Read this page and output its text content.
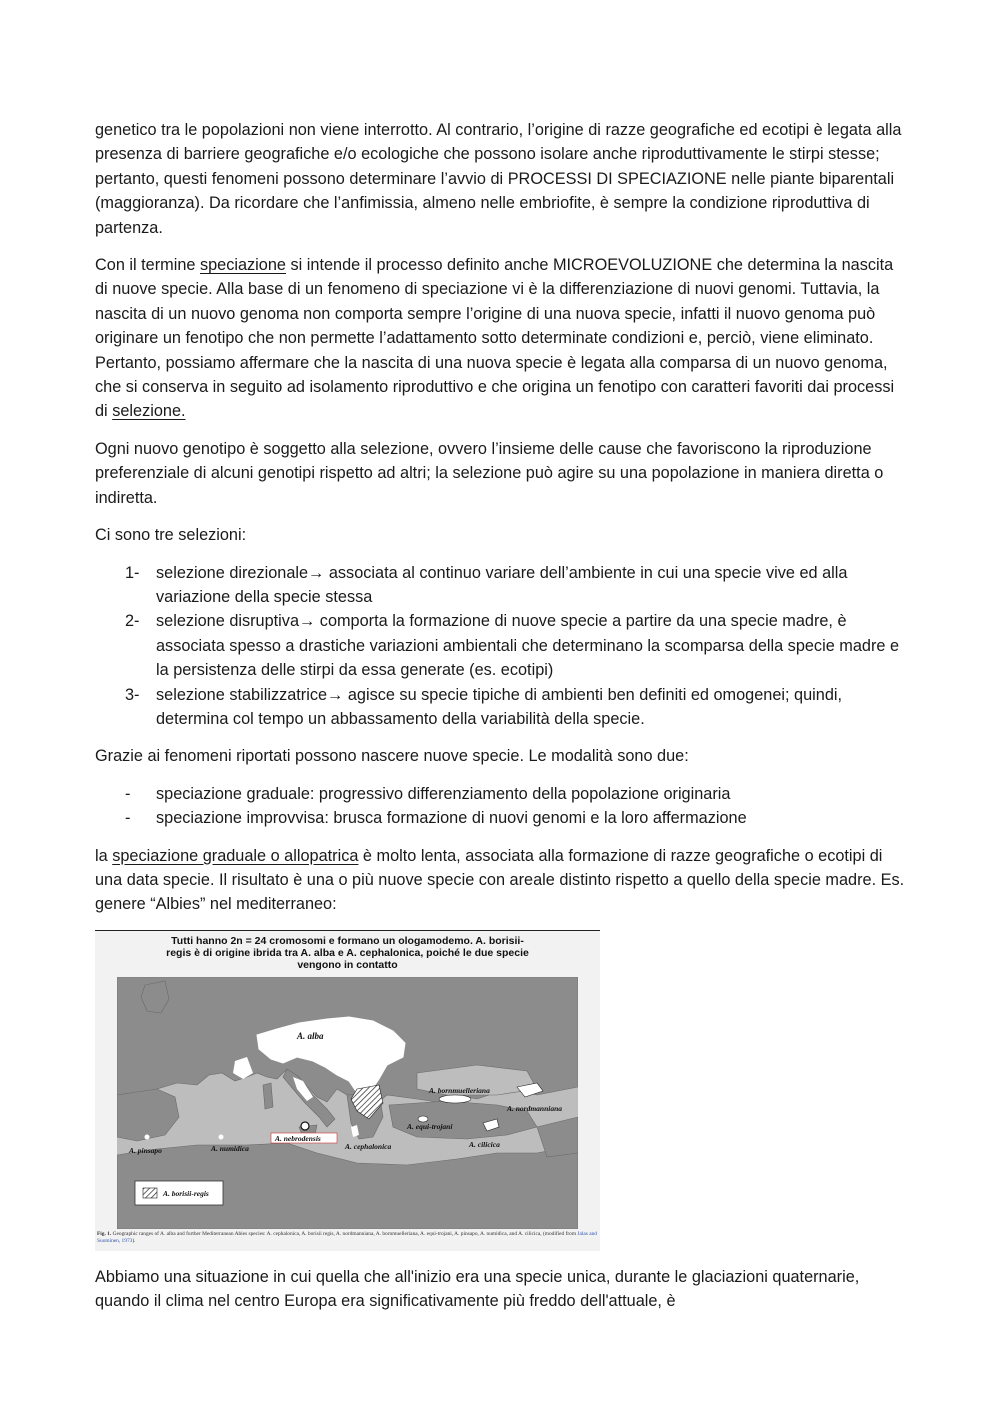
genetico tra le popolazioni non viene interrotto. Al contrario, l’origine di razze geografiche ed ecotipi è legata alla presenza di barriere geografiche e/o ecologiche che possono isolare anche riproduttivamente le stirpi stesse; pertanto, questi fenomeni possono determinare l’avvio di PROCESSI DI SPECIAZIONE nelle piante biparentali (maggioranza). Da ricordare che l’anfimissia, almeno nelle embriofite, è sempre la condizione riproduttiva di partenza.

Con il termine speciazione si intende il processo definito anche MICROEVOLUZIONE che determina la nascita di nuove specie. Alla base di un fenomeno di speciazione vi è la differenziazione di nuovi genomi. Tuttavia, la nascita di un nuovo genoma non comporta sempre l’origine di una nuova specie, infatti il nuovo genoma può originare un fenotipo che non permette l’adattamento sotto determinate condizioni e, perciò, viene eliminato. Pertanto, possiamo affermare che la nascita di una nuova specie è legata alla comparsa di un nuovo genoma, che si conserva in seguito ad isolamento riproduttivo e che origina un fenotipo con caratteri favoriti dai processi di selezione.

Ogni nuovo genotipo è soggetto alla selezione, ovvero l’insieme delle cause che favoriscono la riproduzione preferenziale di alcuni genotipi rispetto ad altri; la selezione può agire su una popolazione in maniera diretta o indiretta.

Ci sono tre selezioni:

1- selezione direzionale→ associata al continuo variare dell’ambiente in cui una specie vive ed alla variazione della specie stessa
2- selezione disruptiva→ comporta la formazione di nuove specie a partire da una specie madre, è associata spesso a drastiche variazioni ambientali che determinano la scomparsa della specie madre e la persistenza delle stirpi da essa generate (es. ecotipi)
3- selezione stabilizzatrice→ agisce su specie tipiche di ambienti ben definiti ed omogenei; quindi, determina col tempo un abbassamento della variabilità della specie.

Grazie ai fenomeni riportati possono nascere nuove specie. Le modalità sono due:

- speciazione graduale: progressivo differenziamento della popolazione originaria
- speciazione improvvisa: brusca formazione di nuovi genomi e la loro affermazione

la speciazione graduale o allopatrica è molto lenta, associata alla formazione di razze geografiche o ecotipi di una data specie. Il risultato è una o più nuove specie con areale distinto rispetto a quello della specie madre. Es. genere “Albies” nel mediterraneo:

Tutti hanno 2n = 24 cromosomi e formano un ologamodemo. A. borisii-
regis è di origine ibrida tra A. alba e A. cephalonica, poiché le due specie
vengono in contatto
A. alba
A. bornmuelleriana
A. nordmanniana
A. equi-trojani
A. nebrodensis
A. cephalonica	A. cilicica
A. pinsapo	A. numidica
A. borisii-regis
Fig. 1. Geographic ranges of A. alba and further Mediterranean Abies species: A. cephalonica, A. borisii regis, A. nordmanniana, A. bornmuelleriana, A. equi-trojani, A. pinsapo, A. numidica, and A. cilicica, (modified from Jalas and Suominen, 1973).

Abbiamo una situazione in cui quella che all'inizio era una specie unica, durante le glaciazioni quaternarie, quando il clima nel centro Europa era significativamente più freddo dell'attuale, è
